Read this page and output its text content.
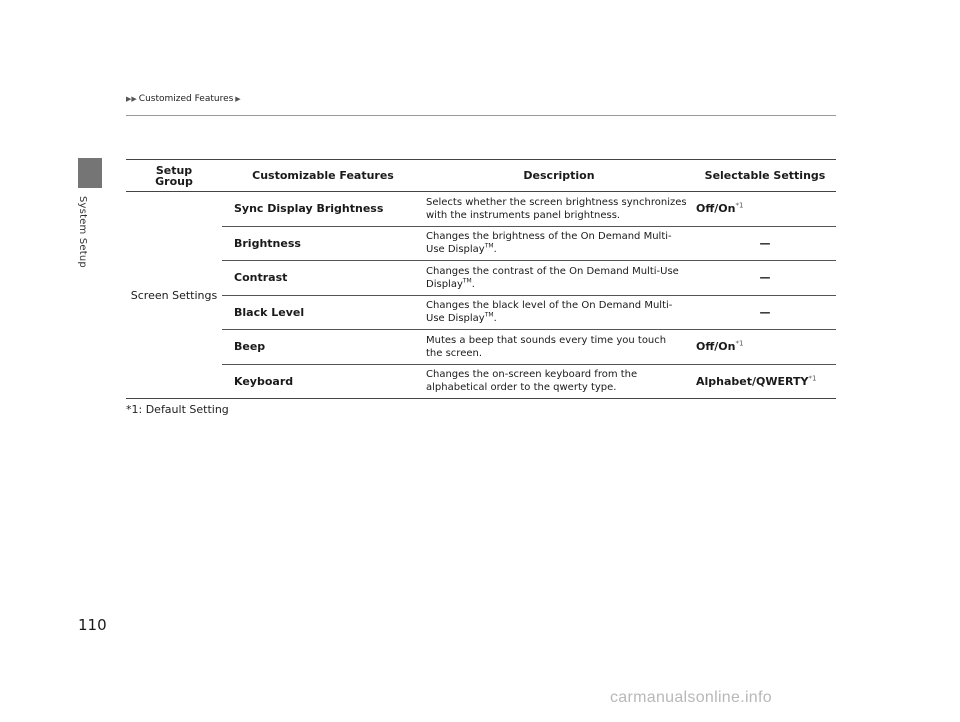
System Setup
▶▶ Customized Features ▶
Setup
Group	Customizable Features	Description	Selectable Settings
Screen Settings	Sync Display Brightness	Selects whether the screen brightness synchronizes
with the instruments panel brightness.	Off/On$^{*1}$
	Brightness	Changes the brightness of the On Demand Multi-
Use Display™.	—
	Contrast	Changes the contrast of the On Demand Multi-Use
Display™.	—
	Black Level	Changes the black level of the On Demand Multi-
Use Display™.	—
	Beep	Mutes a beep that sounds every time you touch
the screen.	Off/On$^{*1}$
	Keyboard	Changes the on-screen keyboard from the
alphabetical order to the qwerty type.	Alphabet/QWERTY$^{*1}$
*1: Default Setting
110
carmanualsonline.info
